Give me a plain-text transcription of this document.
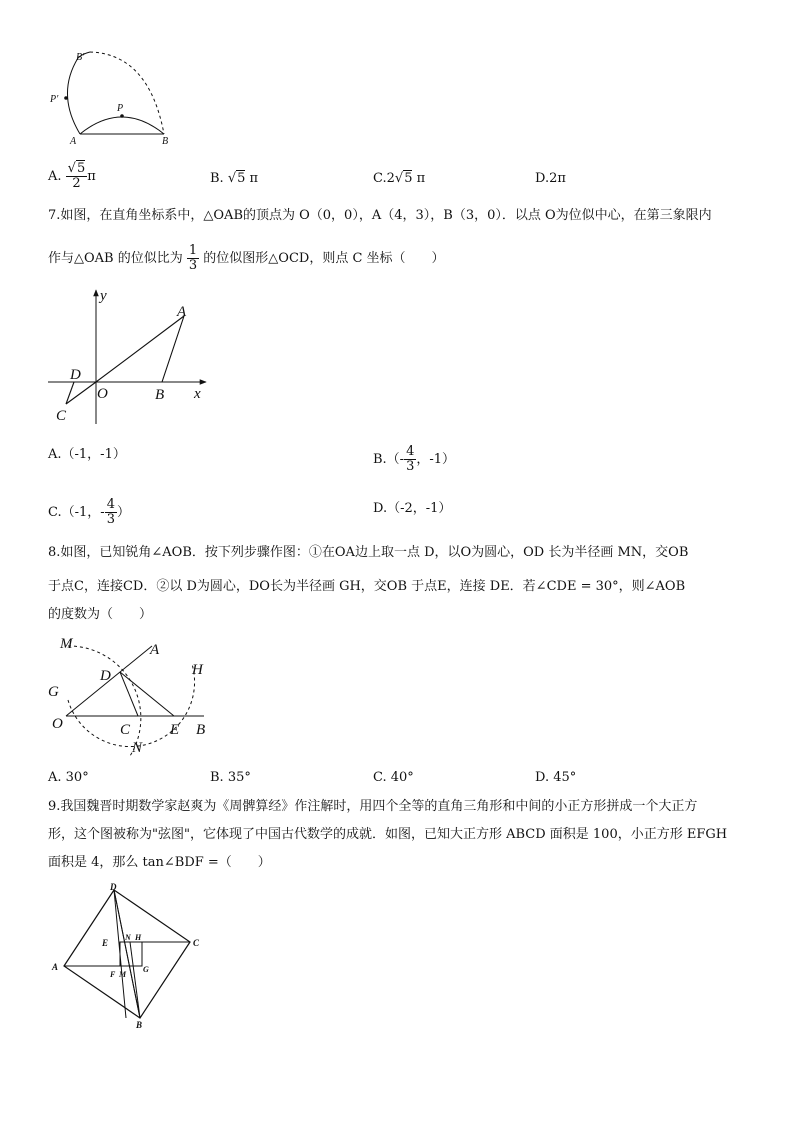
B′
P′
P
A	B
A. $\frac{√5}{2}$ π	B. √5 π	C.2√5 π	D.2π
7.如图，在直角坐标系中，△OAB的顶点为 O（0，0），A（4，3），B（3，0）．以点 O为位似中心，在第三象限内
作与△OAB 的位似比为 $\frac{1}{3}$ 的位似图形△OCD，则点 C 坐标（　　）
y
A
D
O	B x
C
A.（-1，-1）	$B.(- \frac{4}{3}$ ，-1）
C.（-1，- $\frac{4}{3}$ ）	D.（-2，-1）
8.如图，已知锐角∠AOB．按下列步骤作图：①在OA边上取一点 D，以O为圆心，OD 长为半径画 MN，交OB
于点C，连接CD．②以 D为圆心，DO长为半径画 GH，交OB 于点E，连接 DE．若∠CDE = 30°，则∠AOB
的度数为（　　）
M	A
H
D
G
O	C	E B
N
A. 30°	B. 35°	C. 40°	D. 45°
9.我国魏晋时期数学家赵爽为《周髀算经》作注解时，用四个全等的直角三角形和中间的小正方形拼成一个大正方
形，这个图被称为"弦图"，它体现了中国古代数学的成就．如图，已知大正方形 ABCD 面积是 100，小正方形 EFGH
面积是 4，那么 tan∠BDF =（　　）
D
E
N H
C
A
F M
G
B
